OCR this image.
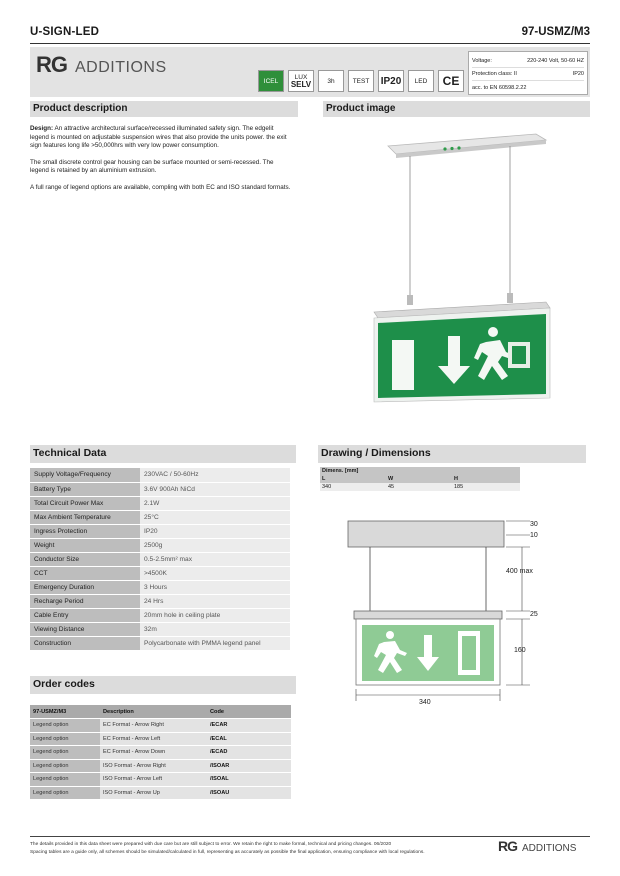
U-SIGN-LED	97-USMZ/M3
RG ADDITIONS
ICEL	LUX
SELV 3h	TEST IP20 LED CE
Voltage:	220-240 Volt, 50-60 HZ
Protection class: II	IP20
acc. to EN 60598.2.22
Product description

Design: An attractive architectural surface/recessed illuminated safety sign. The edgelit legend is mounted on adjustable suspension wires that also provide the units power. the exit sign features long life >50,000hrs with very low power consumption.

The small discrete control gear housing can be surface mounted or semi-recessed. The legend is retained by an aluminium extrusion.

A full range of legend options are available, compling with both EC and ISO standard formats.

Product image
Technical Data
Supply Voltage/Frequency	230VAC / 50-60Hz
Battery Type	3.6V 900Ah NiCd
Total Circuit Power Max	2.1W
Max Ambient Temperature	25°C
Ingress Protection	IP20
Weight	2500g
Conductor Size	0.5-2.5mm² max
CCT	>4500K
Emergency Duration	3 Hours
Recharge Period	24 Hrs
Cable Entry	20mm hole in ceiling plate
Viewing Distance	32m
Construction	Polycarbonate with PMMA legend panel
Drawing / Dimensions
Dimens. [mm]		
L	W	H
340	45	185
30
10
400 max
25
160
340
Order codes
97-USMZ/M3	Description	Code
Legend option	EC Format - Arrow Right	/ECAR
Legend option	EC Format - Arrow Left	/ECAL
Legend option	EC Format - Arrow Down	/ECAD
Legend option	ISO Format - Arrow Right	/ISOAR
Legend option	ISO Format - Arrow Left	/ISOAL
Legend option	ISO Format - Arrow Up	/ISOAU
The details provided in this data sheet were prepared with due care but are still subject to error. We retain the right to make formal, technical and pricing changes. 06/2020
Spacing tables are a guide only, all schemes should be simulated/calculated in full, representing as accurately as possible the final application, ensuring compliance with local regulations.	RG ADDITIONS
